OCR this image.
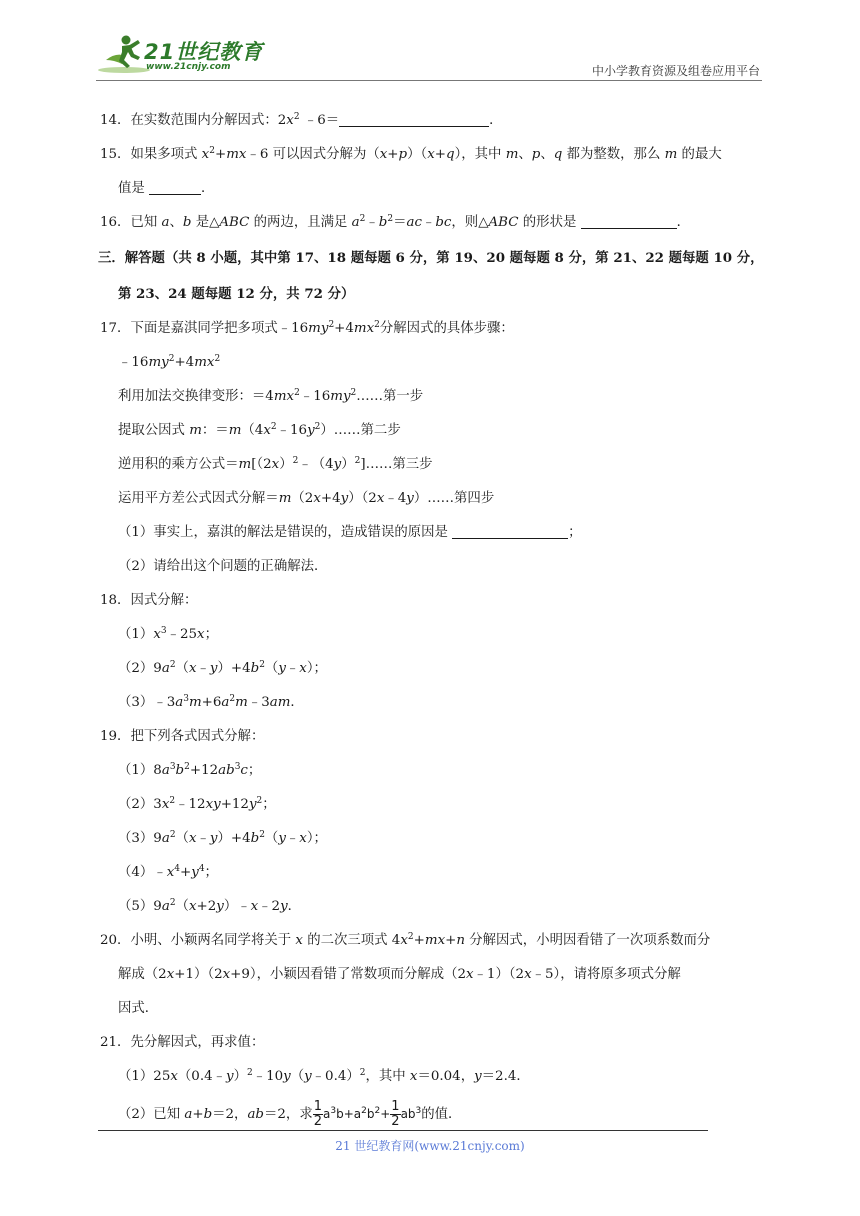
21世纪教育
www.21cnjy.com	中小学教育资源及组卷应用平台
14．在实数范围内分解因式：$2x^2$ ﹣6＝	．
15．如果多项式 $x^2+mx﹣6$ 可以因式分解为（x+p）（x+q），其中 m、p、q 都为整数，那么 m 的最大
值是	．
16．已知 a、b 是△ABC 的两边，且满足 $a^2﹣b^2=ac﹣bc$，则△ABC 的形状是	．
三．解答题（共 8 小题，其中第 17、18 题每题 6 分，第 19、20 题每题 8 分，第 21、22 题每题 10 分，
第 23、24 题每题 12 分，共 72 分）
17．下面是嘉淇同学把多项式$﹣16my^2+4mx^2$分解因式的具体步骤：
$﹣16my^2+4mx^2$
利用加法交换律变形：$=4mx^2﹣16my^2\dots\dots$第一步
提取公因式 m：$=m(4x^2﹣16y^2)\dots\dots$第二步
逆用积的乘方公式$=m[(2x)^2﹣(4y)^2]\dots\dots$第三步
运用平方差公式因式分解＝m（2x+4y）（2x﹣4y）……第四步
（1）事实上，嘉淇的解法是错误的，造成错误的原因是	；
（2）请给出这个问题的正确解法．
18．因式分解：
$(1)x^3﹣25x$；
$(2)9a^2(x﹣y)+4b^2(y﹣x)$；
$(3)﹣3a^3m+6a^2m﹣3am$．
19．把下列各式因式分解：
$(1)8a^3b^2+12ab^3c$；
$(2)3x^2﹣12xy+12y^2$；
$(3)9a^2(x﹣y)+4b^2(y﹣x)$；
$(4)﹣x^4+y^4$；
$(5)9a^2(x+2y)﹣x﹣2y$．
20．小明、小颖两名同学将关于 x 的二次三项式 $4x^2+mx+n$ 分解因式，小明因看错了一次项系数而分
解成（2x+1）（2x+9），小颖因看错了常数项而分解成（2x﹣1）（2x﹣5），请将原多项式分解
因式．
21．先分解因式，再求值：
（1）25x（0.4﹣y）$^2$﹣10y（y﹣0.4）$^2$，其中 x＝0.04，y＝2.4．
（2）已知 a+b＝2，ab＝2，求 $\frac{1}{2} a^3b+a^2b^2+ \frac{1}{2} ab^3$的值．
21 世纪教育网(www.21cnjy.com)
